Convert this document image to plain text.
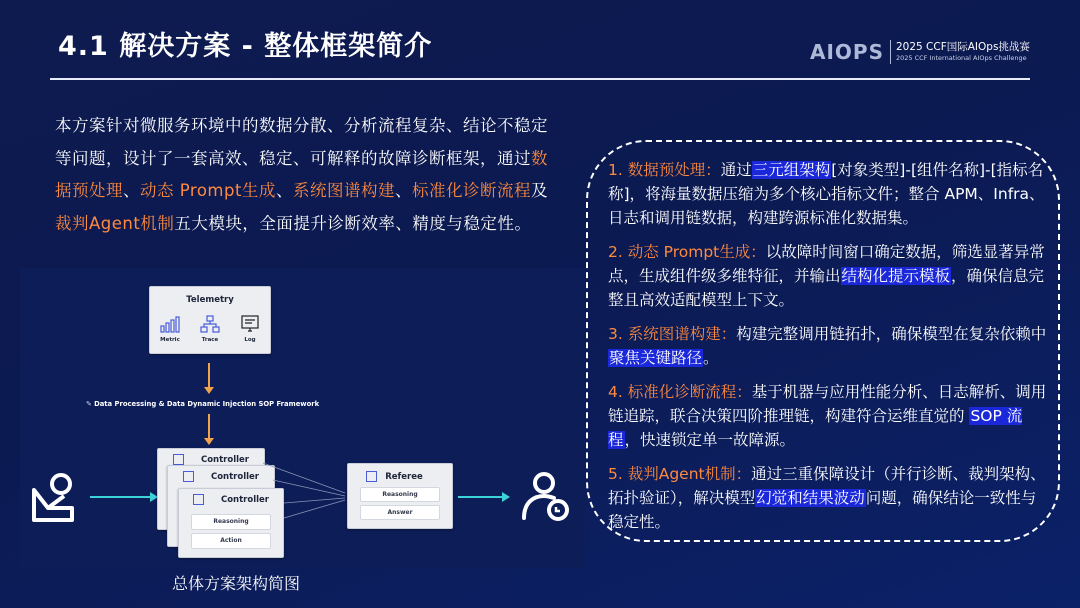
4.1 解决方案 - 整体框架简介	AIOPS 2025 CCF国际AIOps挑战赛
2025 CCF International AIOps Challenge
本方案针对微服务环境中的数据分散、分析流程复杂、结论不稳定等问题，设计了一套高效、稳定、可解释的故障诊断框架，通过数据预处理、动态 Prompt生成、系统图谱构建、标准化诊断流程及裁判Agent机制五大模块，全面提升诊断效率、精度与稳定性。
Telemetry
Metric	Trace	Log
✎ Data Processing & Data Dynamic Injection SOP Framework
Controller
Controller
Controller
Reasoning
Action
Referee
Reasoning
Answer
总体方案架构简图

1. 数据预处理：通过三元组架构[对象类型]-[组件名称]-[指标名称]，将海量数据压缩为多个核心指标文件；整合 APM、Infra、日志和调用链数据，构建跨源标准化数据集。

2. 动态 Prompt生成：以故障时间窗口确定数据，筛选显著异常点，生成组件级多维特征，并输出结构化提示模板，确保信息完整且高效适配模型上下文。

3. 系统图谱构建：构建完整调用链拓扑，确保模型在复杂依赖中聚焦关键路径。

4. 标准化诊断流程：基于机器与应用性能分析、日志解析、调用链追踪，联合决策四阶推理链，构建符合运维直觉的 SOP 流程，快速锁定单一故障源。

5. 裁判Agent机制：通过三重保障设计（并行诊断、裁判架构、拓扑验证），解决模型幻觉和结果波动问题，确保结论一致性与稳定性。
